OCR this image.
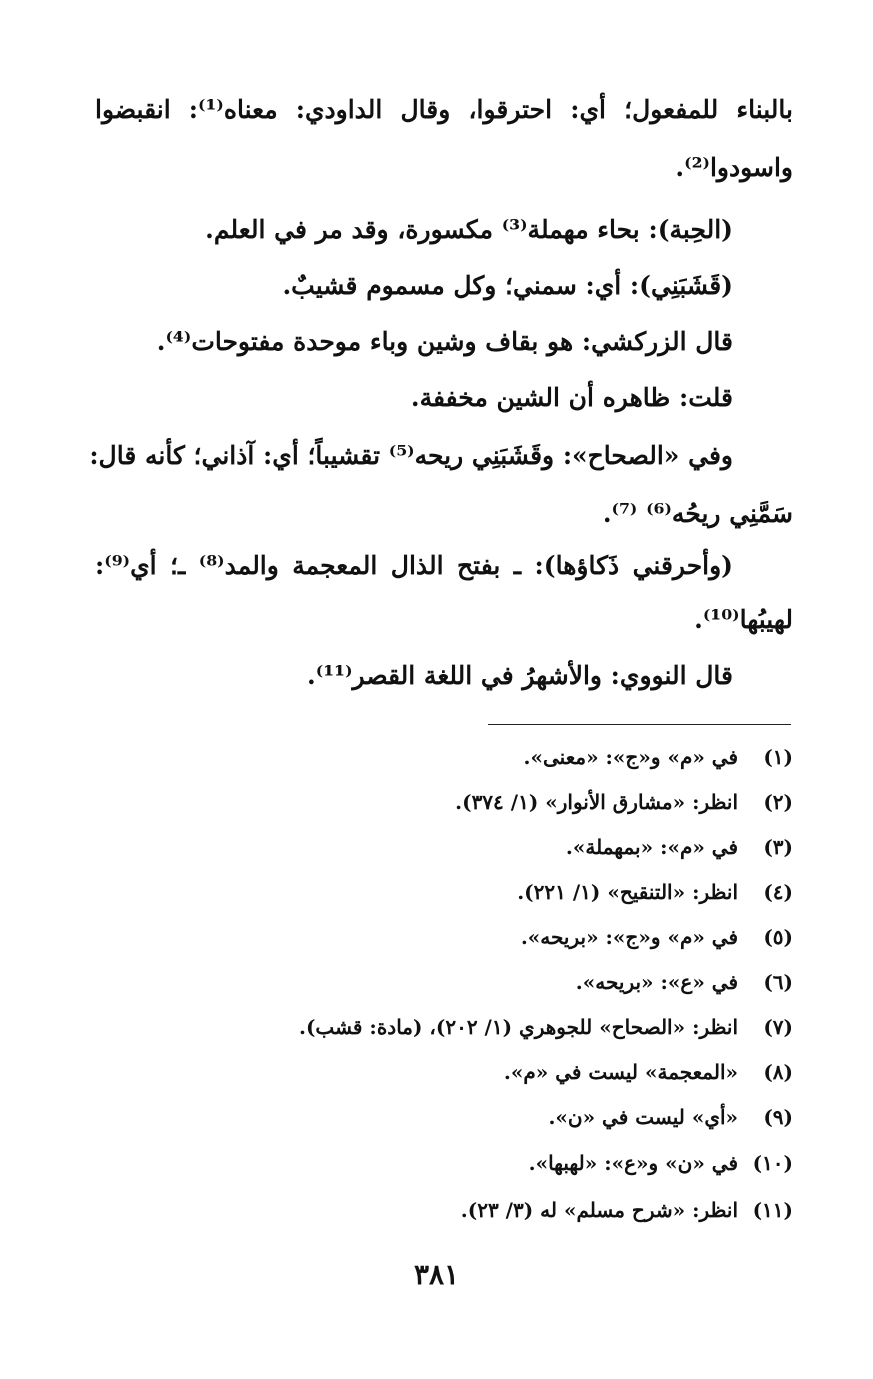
بالبناء للمفعول؛ أي: احترقوا، وقال الداودي: معناه⁽¹⁾: انقبضوا
واسودوا⁽²⁾.
(الحِبة): بحاء مهملة⁽³⁾ مكسورة، وقد مر في العلم.
(قَشَبَنِي): أي: سمني؛ وكل مسموم قشيبٌ.
قال الزركشي: هو بقاف وشين وباء موحدة مفتوحات⁽⁴⁾.
قلت: ظاهره أن الشين مخففة.
وفي «الصحاح»: وقَشَبَنِي ريحه⁽⁵⁾ تقشيباً؛ أي: آذاني؛ كأنه قال:
سَمَّنِي ريحُه⁽⁶⁾ ⁽⁷⁾.
(وأحرقني ذَكاؤها): ـ بفتح الذال المعجمة والمد⁽⁸⁾ ـ؛ أي⁽⁹⁾:
لهيبُها⁽¹⁰⁾.
قال النووي: والأشهرُ في اللغة القصر⁽¹¹⁾.
(١) في «م» و«ج»: «معنى».
(٢) انظر: «مشارق الأنوار» (١/ ٣٧٤).
(٣) في «م»: «بمهملة».
(٤) انظر: «التنقيح» (١/ ٢٢١).
(٥) في «م» و«ج»: «بريحه».
(٦) في «ع»: «بريحه».
(٧) انظر: «الصحاح» للجوهري (١/ ٢٠٢)، (مادة: قشب).
(٨) «المعجمة» ليست في «م».
(٩) «أي» ليست في «ن».
(١٠) في «ن» و«ع»: «لهبها».
(١١) انظر: «شرح مسلم» له (٣/ ٢٣).
٣٨١
